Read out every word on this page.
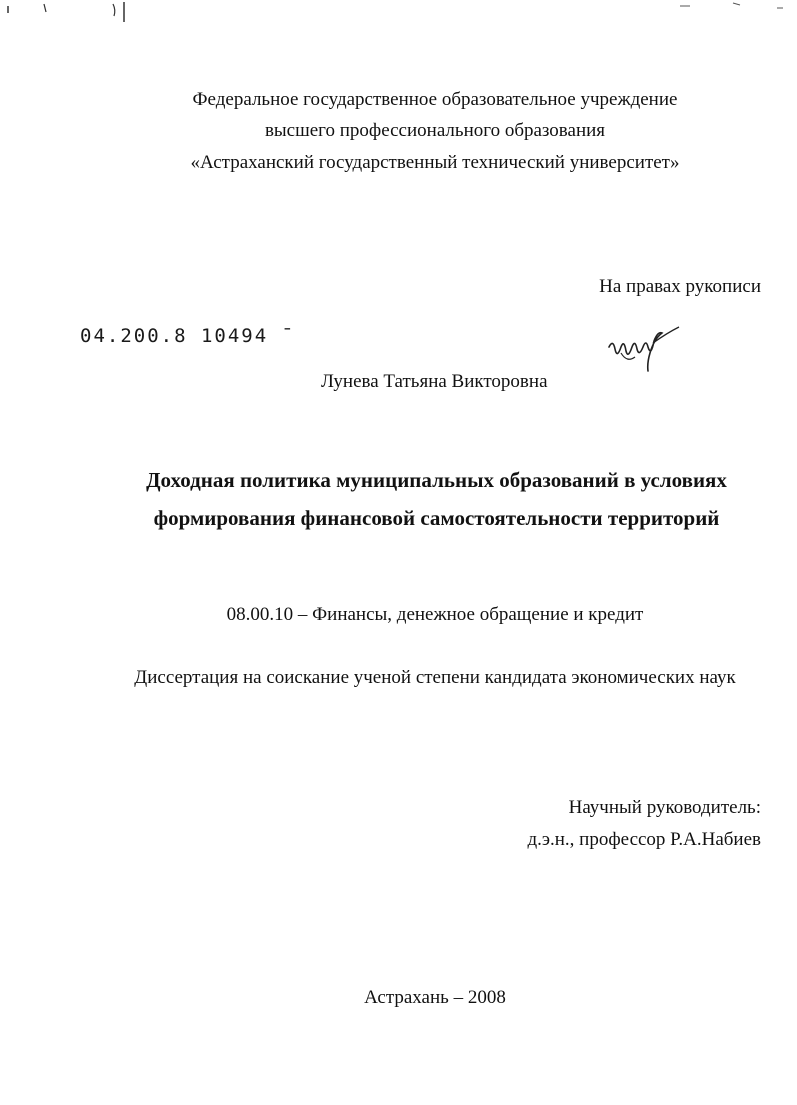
Федеральное государственное образовательное учреждение
высшего профессионального образования
«Астраханский государственный технический университет»
На правах рукописи
04.200.8 10494 ˉ
Лунева Татьяна Викторовна
Доходная политика муниципальных образований в условиях
формирования финансовой самостоятельности территорий
08.00.10 – Финансы, денежное обращение и кредит
Диссертация на соискание ученой степени кандидата экономических наук
Научный руководитель:
д.э.н., профессор Р.А.Набиев
Астрахань – 2008
